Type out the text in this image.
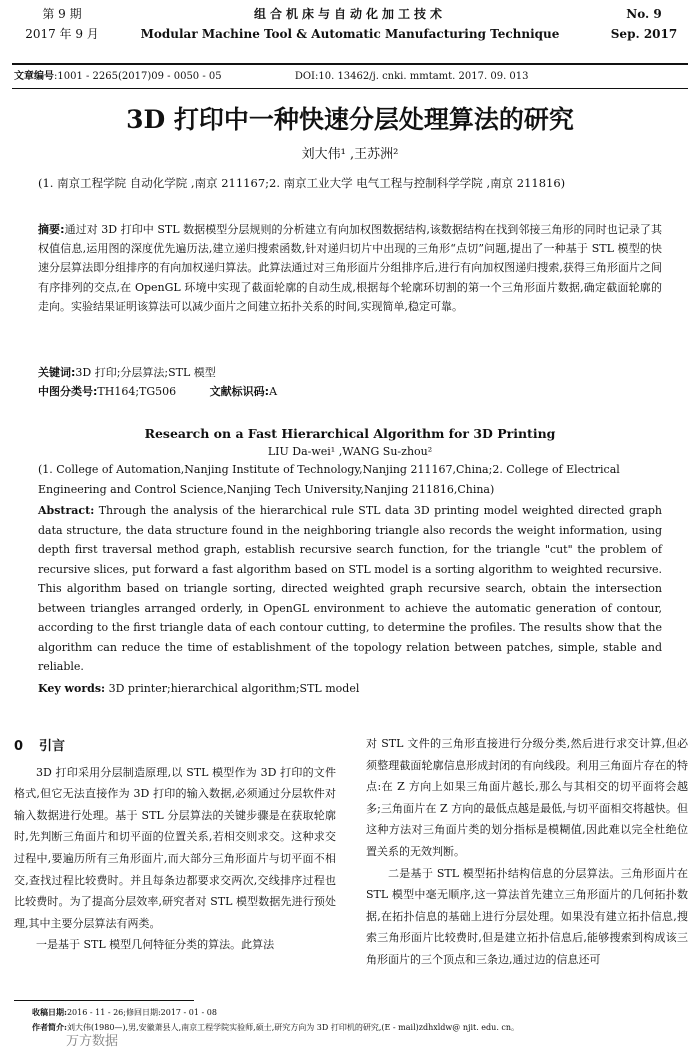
第 9 期
2017 年 9 月
组合机床与自动化加工技术
Modular Machine Tool & Automatic Manufacturing Technique
No. 9
Sep. 2017
文章编号:1001 - 2265(2017)09 - 0050 - 05	DOI:10. 13462/j. cnki. mmtamt. 2017. 09. 013
3D 打印中一种快速分层处理算法的研究
刘大伟¹ ,王苏洲²
(1. 南京工程学院 自动化学院 ,南京 211167;2. 南京工业大学 电气工程与控制科学学院 ,南京 211816)
摘要:通过对 3D 打印中 STL 数据模型分层规则的分析建立有向加权图数据结构,该数据结构在找到邻接三角形的同时也记录了其权值信息,运用图的深度优先遍历法,建立递归搜索函数,针对递归切片中出现的三角形“点切”问题,提出了一种基于 STL 模型的快速分层算法即分组排序的有向加权递归算法。此算法通过对三角形面片分组排序后,进行有向加权图递归搜索,获得三角形面片之间有序排列的交点,在 OpenGL 环境中实现了截面轮廓的自动生成,根据每个轮廓环切割的第一个三角形面片数据,确定截面轮廓的走向。实验结果证明该算法可以减少面片之间建立拓扑关系的时间,实现简单,稳定可靠。
关键词:3D 打印;分层算法;STL 模型
中图分类号:TH164;TG506	文献标识码:A
Research on a Fast Hierarchical Algorithm for 3D Printing
LIU Da-wei¹ ,WANG Su-zhou²
(1. College of Automation,Nanjing Institute of Technology,Nanjing 211167,China;2. College of Electrical Engineering and Control Science,Nanjing Tech University,Nanjing 211816,China)
Abstract: Through the analysis of the hierarchical rule STL data 3D printing model weighted directed graph data structure, the data structure found in the neighboring triangle also records the weight information, using depth first traversal method graph, establish recursive search function, for the triangle "cut" the problem of recursive slices, put forward a fast algorithm based on STL model is a sorting algorithm to weighted recursive. This algorithm based on triangle sorting, directed weighted graph recursive search, obtain the intersection between triangles arranged orderly, in OpenGL environment to achieve the automatic generation of contour, according to the first triangle data of each contour cutting, to determine the profiles. The results show that the algorithm can reduce the time of establishment of the topology relation between patches, simple, stable and reliable.
Key words: 3D printer;hierarchical algorithm;STL model
0 引言

3D 打印采用分层制造原理,以 STL 模型作为 3D 打印的文件格式,但它无法直接作为 3D 打印的输入数据,必须通过分层软件对输入数据进行处理。基于 STL 分层算法的关键步骤是在获取轮廓时,先判断三角面片和切平面的位置关系,若相交则求交。这种求交过程中,要遍历所有三角形面片,而大部分三角形面片与切平面不相交,查找过程比较费时。并且每条边都要求交两次,交线排序过程也比较费时。为了提高分层效率,研究者对 STL 模型数据先进行预处理,其中主要分层算法有两类。

一是基于 STL 模型几何特征分类的算法。此算法

对 STL 文件的三角形直接进行分级分类,然后进行求交计算,但必须整理截面轮廓信息形成封闭的有向线段。利用三角面片存在的特点:在 Z 方向上如果三角面片越长,那么与其相交的切平面将会越多;三角面片在 Z 方向的最低点越是最低,与切平面相交将越快。但这种方法对三角面片类的划分指标是模糊值,因此难以完全杜绝位置关系的无效判断。

二是基于 STL 模型拓扑结构信息的分层算法。三角形面片在 STL 模型中毫无顺序,这一算法首先建立三角形面片的几何拓扑数据,在拓扑信息的基础上进行分层处理。如果没有建立拓扑信息,搜索三角形面片比较费时,但是建立拓扑信息后,能够搜索到构成该三角形面片的三个顶点和三条边,通过边的信息还可

收稿日期:2016 - 11 - 26;修回日期:2017 - 01 - 08
作者简介:刘大伟(1980—),男,安徽萧县人,南京工程学院实验师,硕士,研究方向为 3D 打印机的研究,(E - mail)zdhxldw@ njit. edu. cn。
万方数据
